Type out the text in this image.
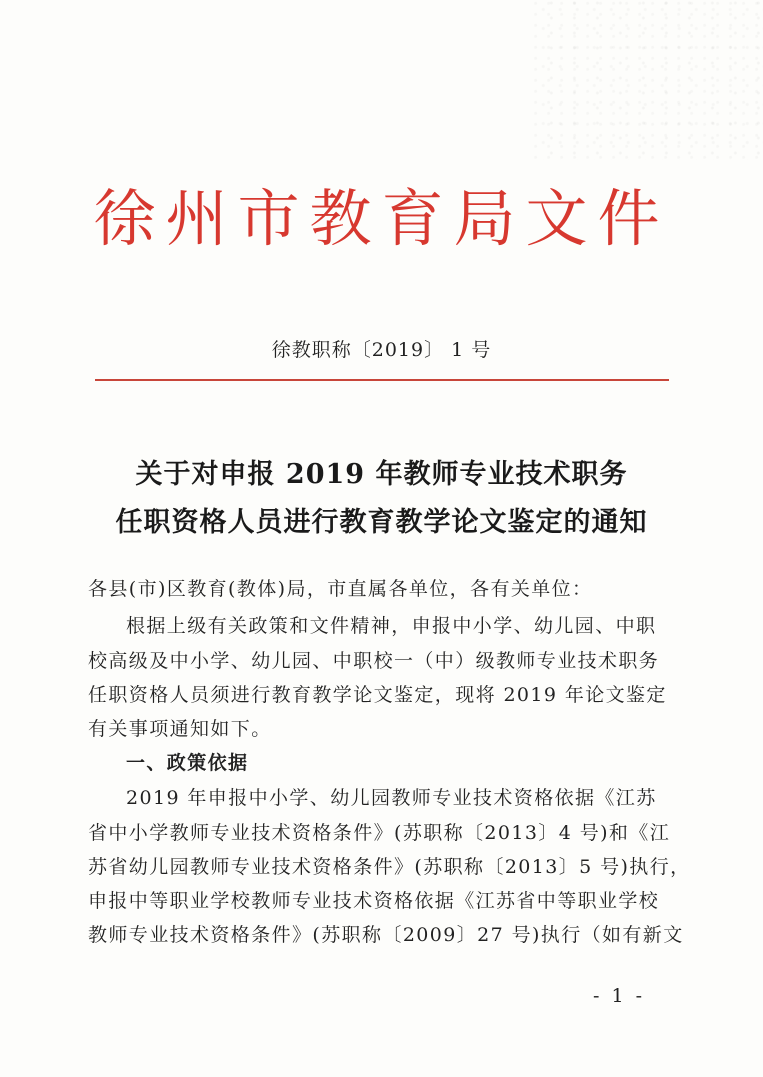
徐州市教育局文件
徐教职称〔2019〕 1 号
关于对申报 2019 年教师专业技术职务
任职资格人员进行教育教学论文鉴定的通知
各县(市)区教育(教体)局，市直属各单位，各有关单位：
根据上级有关政策和文件精神，申报中小学、幼儿园、中职
校高级及中小学、幼儿园、中职校一（中）级教师专业技术职务
任职资格人员须进行教育教学论文鉴定，现将 2019 年论文鉴定
有关事项通知如下。
一、政策依据
2019 年申报中小学、幼儿园教师专业技术资格依据《江苏
省中小学教师专业技术资格条件》(苏职称〔2013〕4 号)和《江
苏省幼儿园教师专业技术资格条件》(苏职称〔2013〕5 号)执行，
申报中等职业学校教师专业技术资格依据《江苏省中等职业学校
教师专业技术资格条件》(苏职称〔2009〕27 号)执行（如有新文
- 1 -
